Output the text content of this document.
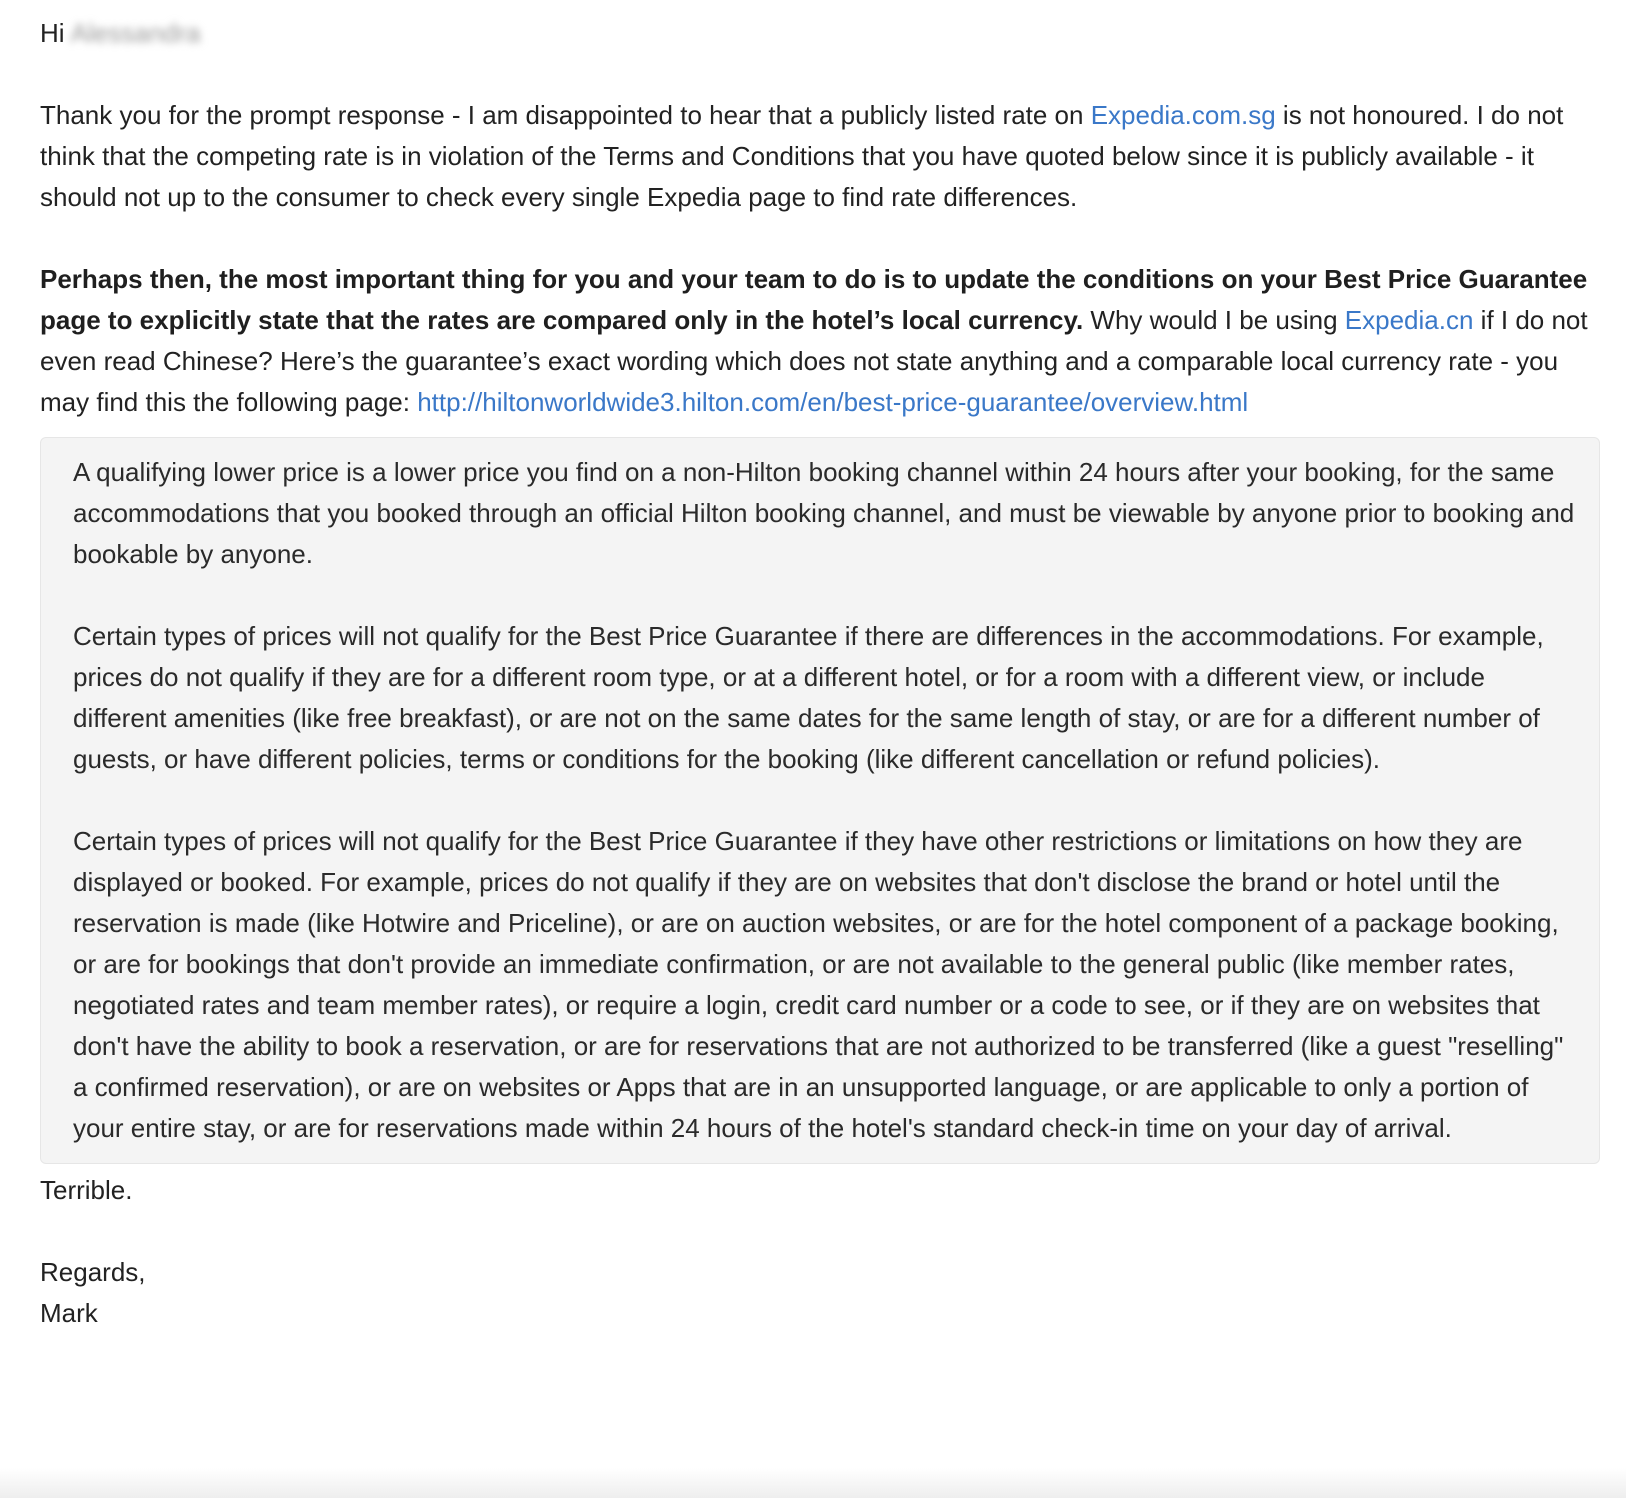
Hi Alessandra

Thank you for the prompt response - I am disappointed to hear that a publicly listed rate on Expedia.com.sg is not honoured. I do not think that the competing rate is in violation of the Terms and Conditions that you have quoted below since it is publicly available - it should not up to the consumer to check every single Expedia page to find rate differences.

Perhaps then, the most important thing for you and your team to do is to update the conditions on your Best Price Guarantee page to explicitly state that the rates are compared only in the hotel’s local currency. Why would I be using Expedia.cn if I do not even read Chinese? Here’s the guarantee’s exact wording which does not state anything and a comparable local currency rate - you may find this the following page: http://hiltonworldwide3.hilton.com/en/best-price-guarantee/overview.html

A qualifying lower price is a lower price you find on a non-Hilton booking channel within 24 hours after your booking, for the same accommodations that you booked through an official Hilton booking channel, and must be viewable by anyone prior to booking and bookable by anyone.

Certain types of prices will not qualify for the Best Price Guarantee if there are differences in the accommodations. For example, prices do not qualify if they are for a different room type, or at a different hotel, or for a room with a different view, or include different amenities (like free breakfast), or are not on the same dates for the same length of stay, or are for a different number of guests, or have different policies, terms or conditions for the booking (like different cancellation or refund policies).

Certain types of prices will not qualify for the Best Price Guarantee if they have other restrictions or limitations on how they are displayed or booked. For example, prices do not qualify if they are on websites that don't disclose the brand or hotel until the reservation is made (like Hotwire and Priceline), or are on auction websites, or are for the hotel component of a package booking, or are for bookings that don't provide an immediate confirmation, or are not available to the general public (like member rates, negotiated rates and team member rates), or require a login, credit card number or a code to see, or if they are on websites that don't have the ability to book a reservation, or are for reservations that are not authorized to be transferred (like a guest "reselling" a confirmed reservation), or are on websites or Apps that are in an unsupported language, or are applicable to only a portion of your entire stay, or are for reservations made within 24 hours of the hotel's standard check-in time on your day of arrival.

Terrible.

Regards,

Mark
